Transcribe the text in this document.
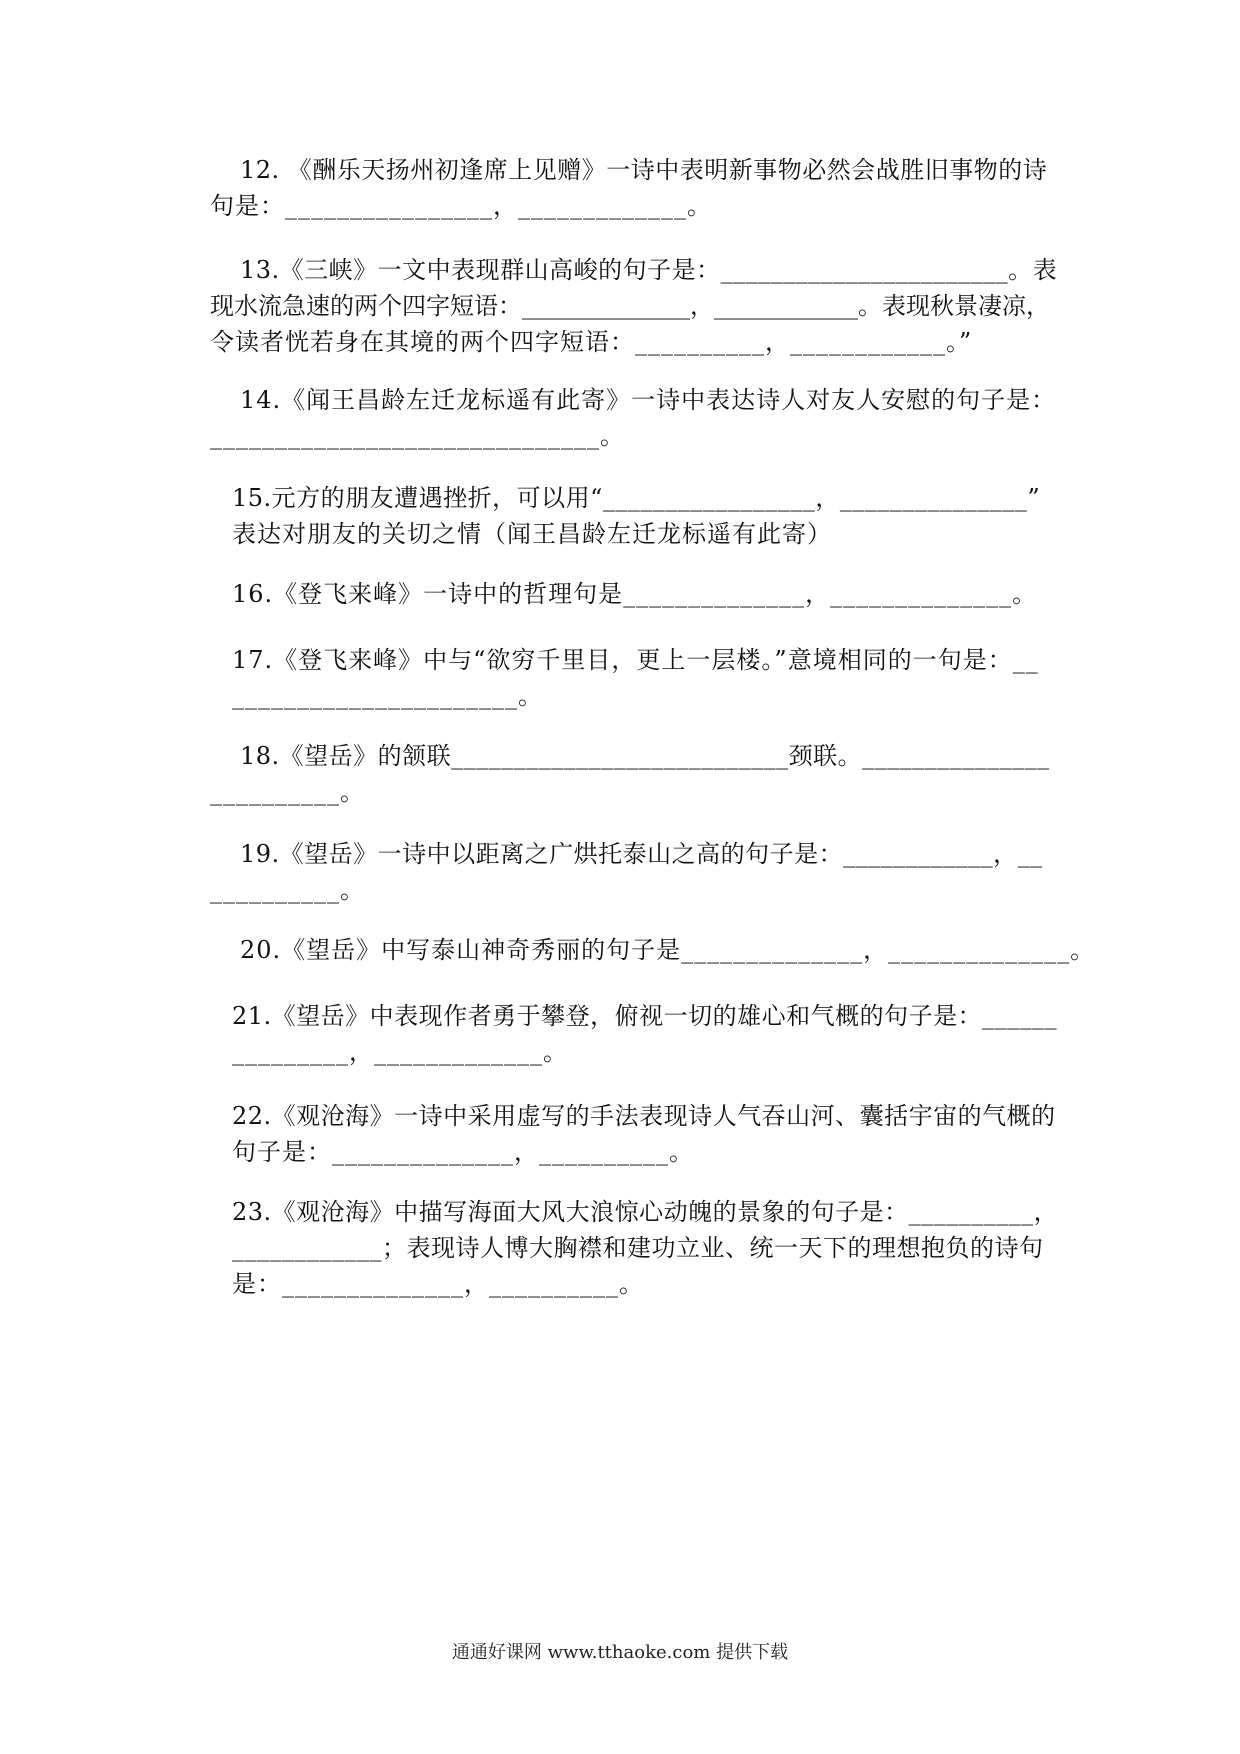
12. 《酬乐天扬州初逢席上见赠》一诗中表明新事物必然会战胜旧事物的诗
句是：________________，_____________。
13.《三峡》一文中表现群山高峻的句子是：_______________________。表
现水流急速的两个四字短语：______________，____________。表现秋景凄凉，
令读者恍若身在其境的两个四字短语：__________，____________。”
14.《闻王昌龄左迁龙标遥有此寄》一诗中表达诗人对友人安慰的句子是：
______________________________。
15.元方的朋友遭遇挫折，可以用“_________________，_______________”
表达对朋友的关切之情（闻王昌龄左迁龙标遥有此寄）
16.《登飞来峰》一诗中的哲理句是______________，______________。
17.《登飞来峰》中与“欲穷千里目，更上一层楼。”意境相同的一句是：__
______________________。
18.《望岳》的颔联___________________________颈联。_______________
__________。
19.《望岳》一诗中以距离之广烘托泰山之高的句子是：____________，__
__________。
20.《望岳》中写泰山神奇秀丽的句子是______________，______________。
21.《望岳》中表现作者勇于攀登，俯视一切的雄心和气概的句子是：______
_________，_____________。
22.《观沧海》一诗中采用虚写的手法表现诗人气吞山河、囊括宇宙的气概的
句子是：______________，__________。
23.《观沧海》中描写海面大风大浪惊心动魄的景象的句子是：__________，
____________；表现诗人博大胸襟和建功立业、统一天下的理想抱负的诗句
是：______________，__________。
通通好课网 www.tthaoke.com 提供下载
